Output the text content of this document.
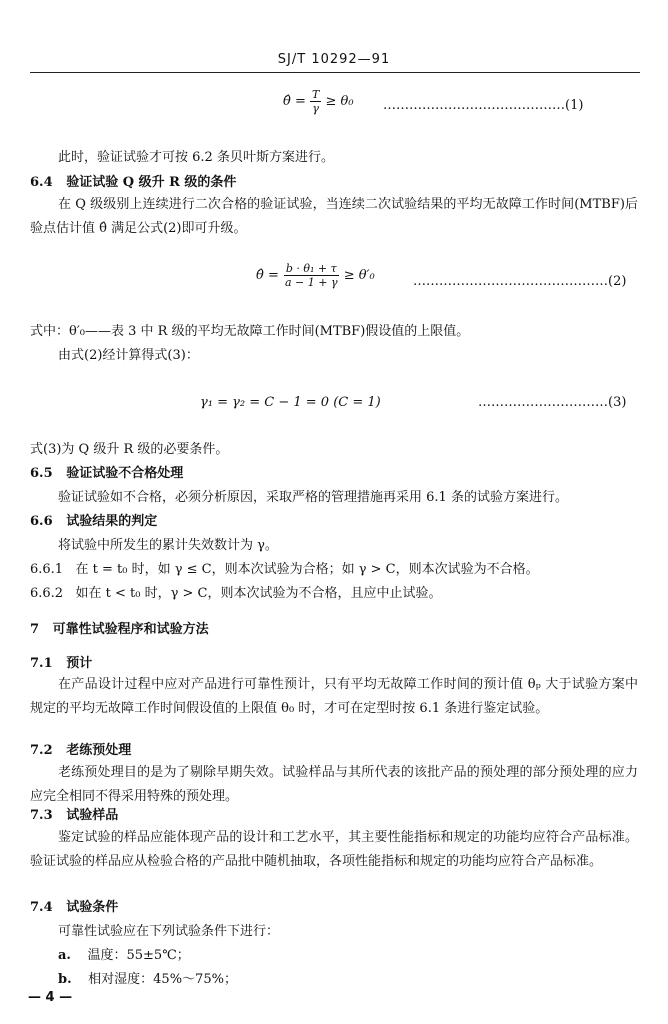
SJ/T 10292—91
θ̂ = $\frac{T}{\gamma} \ge \theta_0$ ……………………………………(1)
此时，验证试验才可按 6.2 条贝叶斯方案进行。
6.4 验证试验 Q 级升 R 级的条件
在 Q 级级别上连续进行二次合格的验证试验，当连续二次试验结果的平均无故障工作时间(MTBF)后验点估计值 θ̂ 满足公式(2)即可升级。
θ̂ = $\frac{\text{b · θ₁ + τ}}{a - 1 + \gamma} \ge \theta'_0$	………………………………………(2)
式中：θ′₀——表 3 中 R 级的平均无故障工作时间(MTBF)假设值的上限值。
由式(2)经计算得式(3)：
γ₁ = γ₂ = C − 1 = 0 (C = 1)	…………………………(3)
式(3)为 Q 级升 R 级的必要条件。
6.5 验证试验不合格处理
验证试验如不合格，必须分析原因，采取严格的管理措施再采用 6.1 条的试验方案进行。
6.6 试验结果的判定
将试验中所发生的累计失效数计为 γ。
6.6.1 在 t = t₀ 时，如 γ ≤ C，则本次试验为合格；如 γ > C，则本次试验为不合格。
6.6.2 如在 t < t₀ 时，γ > C，则本次试验为不合格，且应中止试验。
7 可靠性试验程序和试验方法
7.1 预计
在产品设计过程中应对产品进行可靠性预计，只有平均无故障工作时间的预计值 θₚ 大于试验方案中规定的平均无故障工作时间假设值的上限值 θ₀ 时，才可在定型时按 6.1 条进行鉴定试验。
7.2 老练预处理
老练预处理目的是为了剔除早期失效。试验样品与其所代表的该批产品的预处理的部分预处理的应力应完全相同不得采用特殊的预处理。
7.3 试验样品
鉴定试验的样品应能体现产品的设计和工艺水平，其主要性能指标和规定的功能均应符合产品标准。验证试验的样品应从检验合格的产品批中随机抽取，各项性能指标和规定的功能均应符合产品标准。
7.4 试验条件
可靠性试验应在下列试验条件下进行：
a. 温度：55±5℃；
b. 相对湿度：45%～75%；
— 4 —
